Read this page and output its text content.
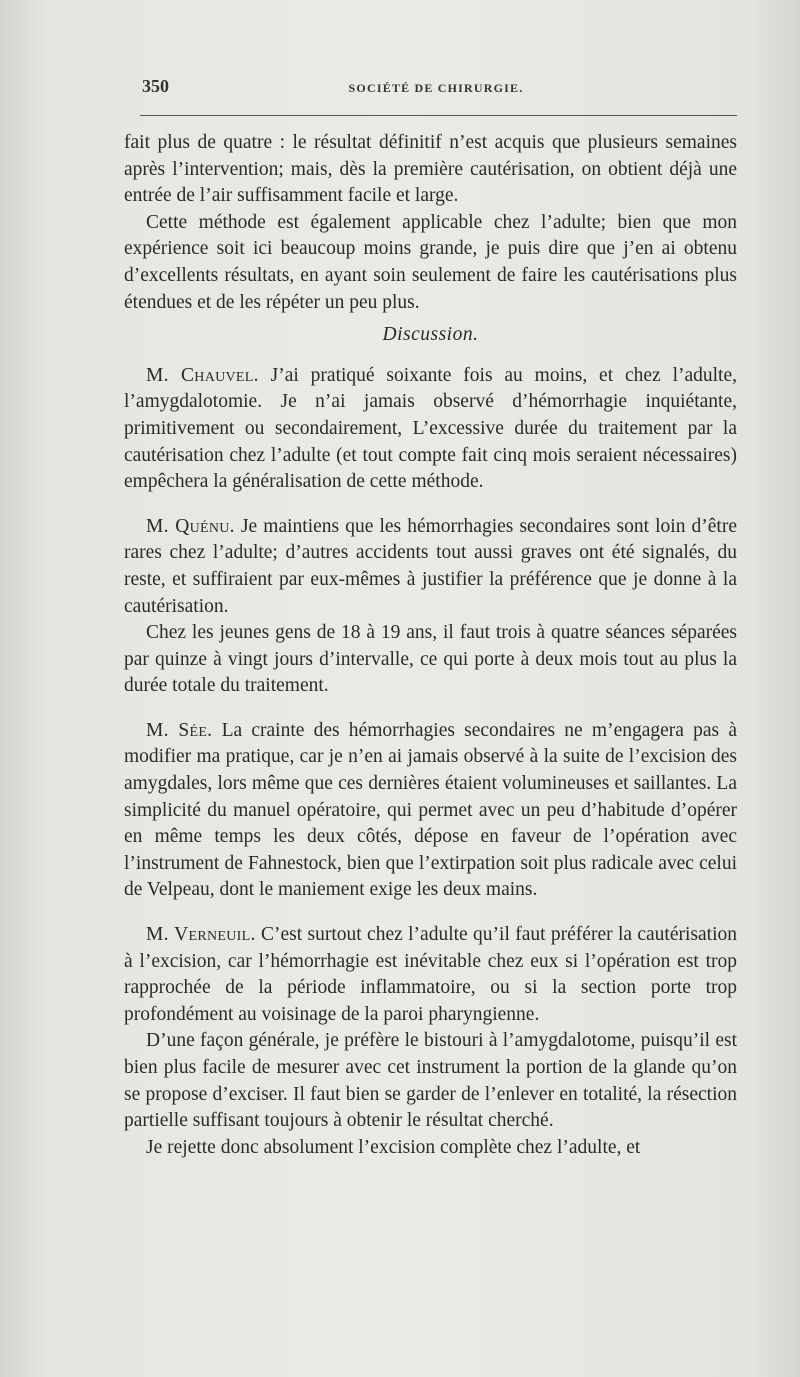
350	SOCIÉTÉ DE CHIRURGIE.

fait plus de quatre : le résultat définitif n’est acquis que plusieurs semaines après l’intervention; mais, dès la première cautérisation, on obtient déjà une entrée de l’air suffisamment facile et large.

Cette méthode est également applicable chez l’adulte; bien que mon expérience soit ici beaucoup moins grande, je puis dire que j’en ai obtenu d’excellents résultats, en ayant soin seulement de faire les cautérisations plus étendues et de les répéter un peu plus.

Discussion.

M. Chauvel. J’ai pratiqué soixante fois au moins, et chez l’adulte, l’amygdalotomie. Je n’ai jamais observé d’hémorrhagie inquiétante, primitivement ou secondairement, L’excessive durée du traitement par la cautérisation chez l’adulte (et tout compte fait cinq mois seraient nécessaires) empêchera la généralisation de cette méthode.

M. Quénu. Je maintiens que les hémorrhagies secondaires sont loin d’être rares chez l’adulte; d’autres accidents tout aussi graves ont été signalés, du reste, et suffiraient par eux-mêmes à justifier la préférence que je donne à la cautérisation.

Chez les jeunes gens de 18 à 19 ans, il faut trois à quatre séances séparées par quinze à vingt jours d’intervalle, ce qui porte à deux mois tout au plus la durée totale du traitement.

M. Sée. La crainte des hémorrhagies secondaires ne m’engagera pas à modifier ma pratique, car je n’en ai jamais observé à la suite de l’excision des amygdales, lors même que ces dernières étaient volumineuses et saillantes. La simplicité du manuel opératoire, qui permet avec un peu d’habitude d’opérer en même temps les deux côtés, dépose en faveur de l’opération avec l’instrument de Fahnestock, bien que l’extirpation soit plus radicale avec celui de Velpeau, dont le maniement exige les deux mains.

M. Verneuil. C’est surtout chez l’adulte qu’il faut préférer la cautérisation à l’excision, car l’hémorrhagie est inévitable chez eux si l’opération est trop rapprochée de la période inflammatoire, ou si la section porte trop profondément au voisinage de la paroi pharyngienne.

D’une façon générale, je préfère le bistouri à l’amygdalotome, puisqu’il est bien plus facile de mesurer avec cet instrument la portion de la glande qu’on se propose d’exciser. Il faut bien se garder de l’enlever en totalité, la résection partielle suffisant toujours à obtenir le résultat cherché.

Je rejette donc absolument l’excision complète chez l’adulte, et
